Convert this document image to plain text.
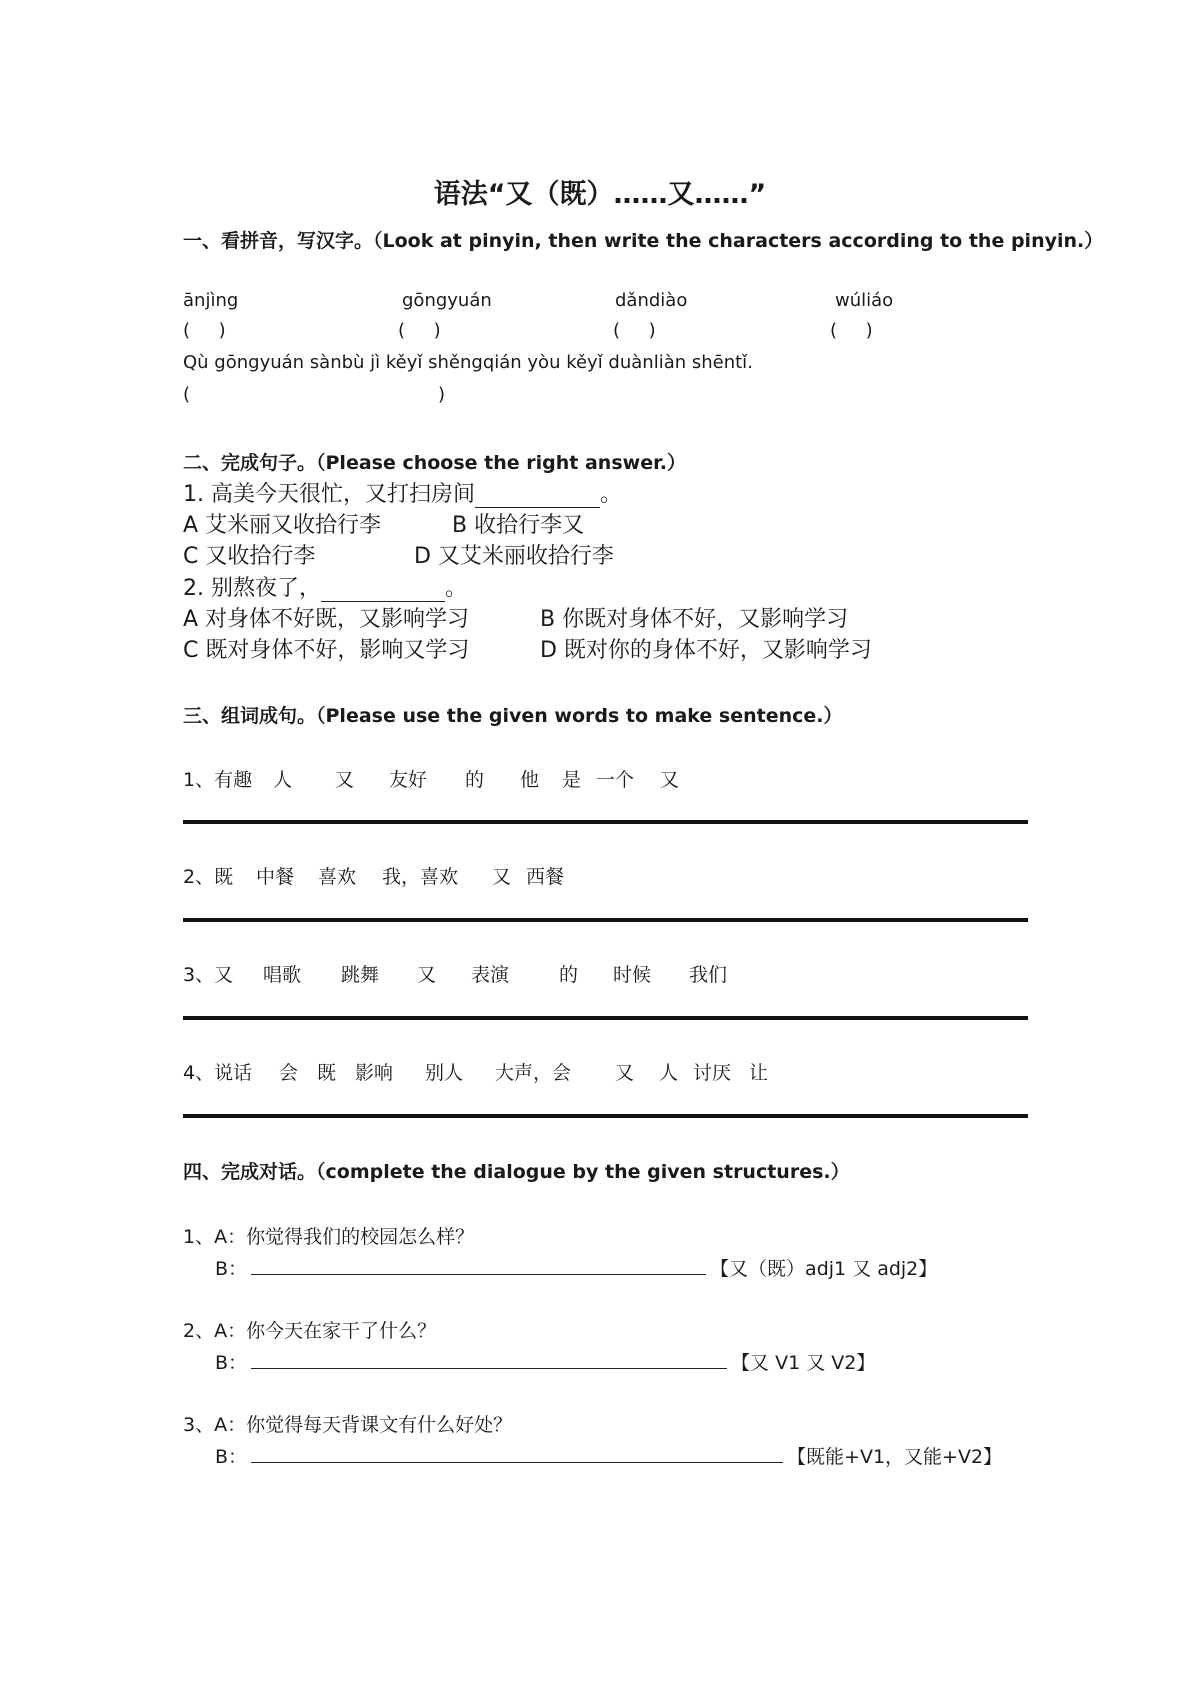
语法“又（既）……又……”
一、看拼音，写汉字。（Look at pinyin, then write the characters according to the pinyin.）
ānjìng	gōngyuán	dǎndiào	wúliáo
(     )	(     )	(     )	(     )
Qù gōngyuán sànbù jì kěyǐ shěngqián yòu kěyǐ duànliàn shēntǐ.
(	)
二、完成句子。（Please choose the right answer.）
1. 高美今天很忙，又打扫房间	。
A 艾米丽又收拾行李	B 收拾行李又
C 又收拾行李	D 又艾米丽收拾行李
2. 别熬夜了，	。
A 对身体不好既，又影响学习	B 你既对身体不好，又影响学习
C 既对身体不好，影响又学习	D 既对你的身体不好，又影响学习
三、组词成句。（Please use the given words to make sentence.）
1、有趣 人 又 友好 的 他 是 一个 又
2、既 中餐 喜欢 我，喜欢 又 西餐
3、又 唱歌 跳舞 又 表演	的 时候 我们
4、说话 会 既 影响 别人 大声，会 又 人 讨厌 让
四、完成对话。（complete the dialogue by the given structures.）
1、A：你觉得我们的校园怎么样？
B：	【又（既）adj1 又 adj2】
2、A：你今天在家干了什么？
B：	【又 V1 又 V2】
3、A：你觉得每天背课文有什么好处？
B：	【既能+V1，又能+V2】
